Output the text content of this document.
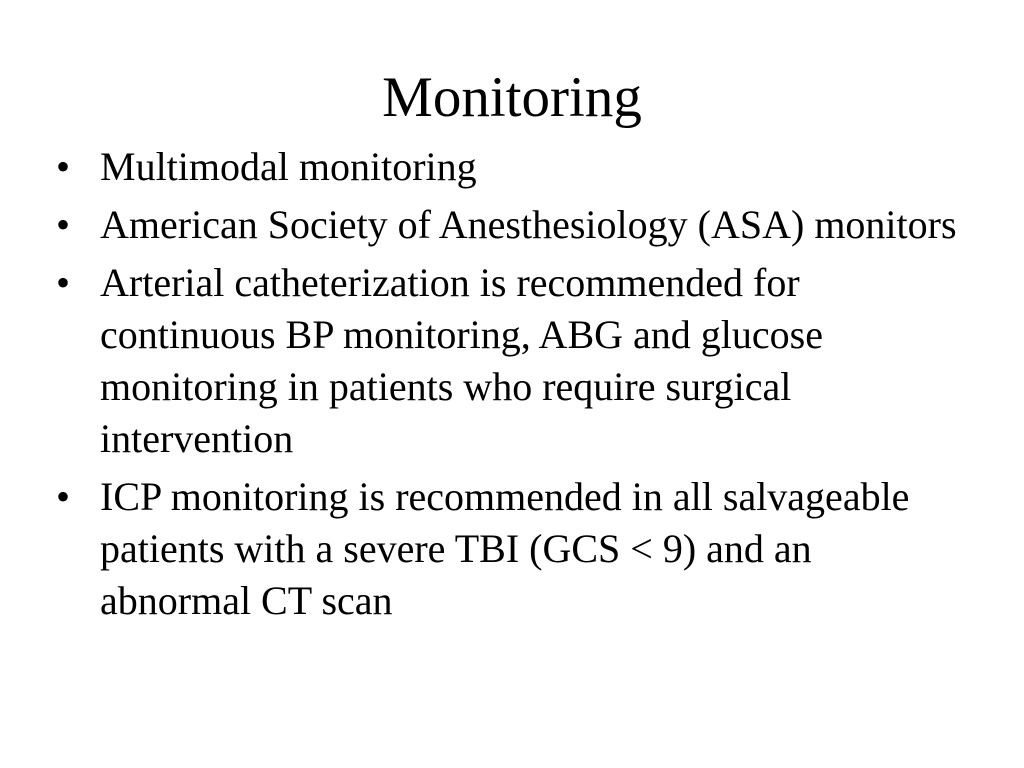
Monitoring
• Multimodal monitoring
• American Society of Anesthesiology (ASA) monitors
• Arterial catheterization is recommended for continuous BP monitoring, ABG and glucose monitoring in patients who require surgical intervention
• ICP monitoring is recommended in all salvageable patients with a severe TBI (GCS < 9) and an abnormal CT scan
